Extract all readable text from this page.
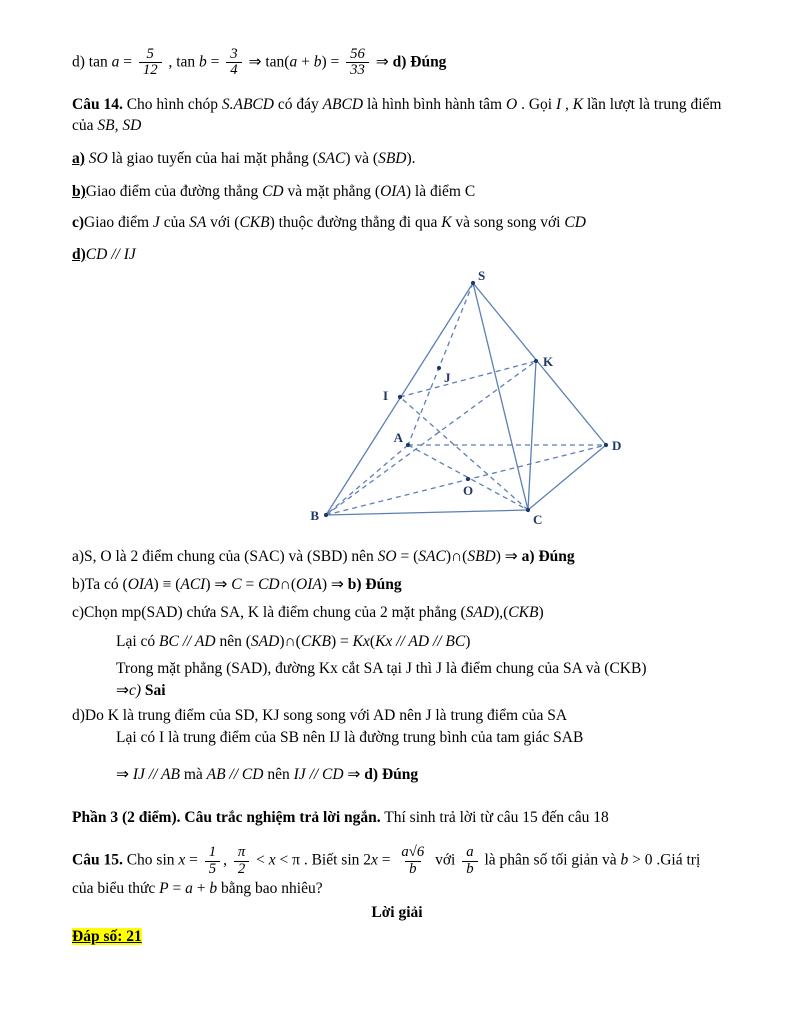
d) $\tan a = \frac{5}{12}$ , $\tan b = \frac{3}{4}$ ⇒ $\tan(a + b) = \frac{56}{33}$ ⇒ d) Đúng
Câu 14. Cho hình chóp S.ABCD có đáy ABCD là hình bình hành tâm O . Gọi I , K lần lượt là trung điểm của SB, SD
a) SO là giao tuyến của hai mặt phẳng (SAC) và (SBD).
b)Giao điểm của đường thẳng CD và mặt phẳng (OIA) là điểm C
c)Giao điểm J của SA với (CKB) thuộc đường thẳng đi qua K và song song với CD
d)CD // IJ
S
K
J
I
A
D
O
B	C
a)S, O là 2 điểm chung của (SAC) và (SBD) nên SO = (SAC)∩(SBD) ⇒ a) Đúng
b)Ta có (OIA) ≡ (ACI) ⇒ C = CD∩(OIA) ⇒ b) Đúng
c)Chọn mp(SAD) chứa SA, K là điểm chung của 2 mặt phẳng (SAD),(CKB)
Lại có BC // AD nên (SAD)∩(CKB) = Kx(Kx // AD // BC)
Trong mặt phẳng (SAD), đường Kx cắt SA tại J thì J là điểm chung của SA và (CKB)
⇒c) Sai
d)Do K là trung điểm của SD, KJ song song với AD nên J là trung điểm của SA
Lại có I là trung điểm của SB nên IJ là đường trung bình của tam giác SAB
⇒ IJ // AB mà AB // CD nên IJ // CD ⇒ d) Đúng
Phần 3 (2 điểm). Câu trắc nghiệm trả lời ngắn. Thí sinh trả lời từ câu 15 đến câu 18
Câu 15. Cho $\sin x = \frac{1}{5}$ , $\frac{\pi}{2} < x < \pi$ . Biết $\sin 2x = \frac{a√6}{b}$ với $\frac{a}{b}$ là phân số tối giản và b > 0 .Giá trị của biểu thức P = a + b bằng bao nhiêu?
Lời giải
Đáp số: 21
